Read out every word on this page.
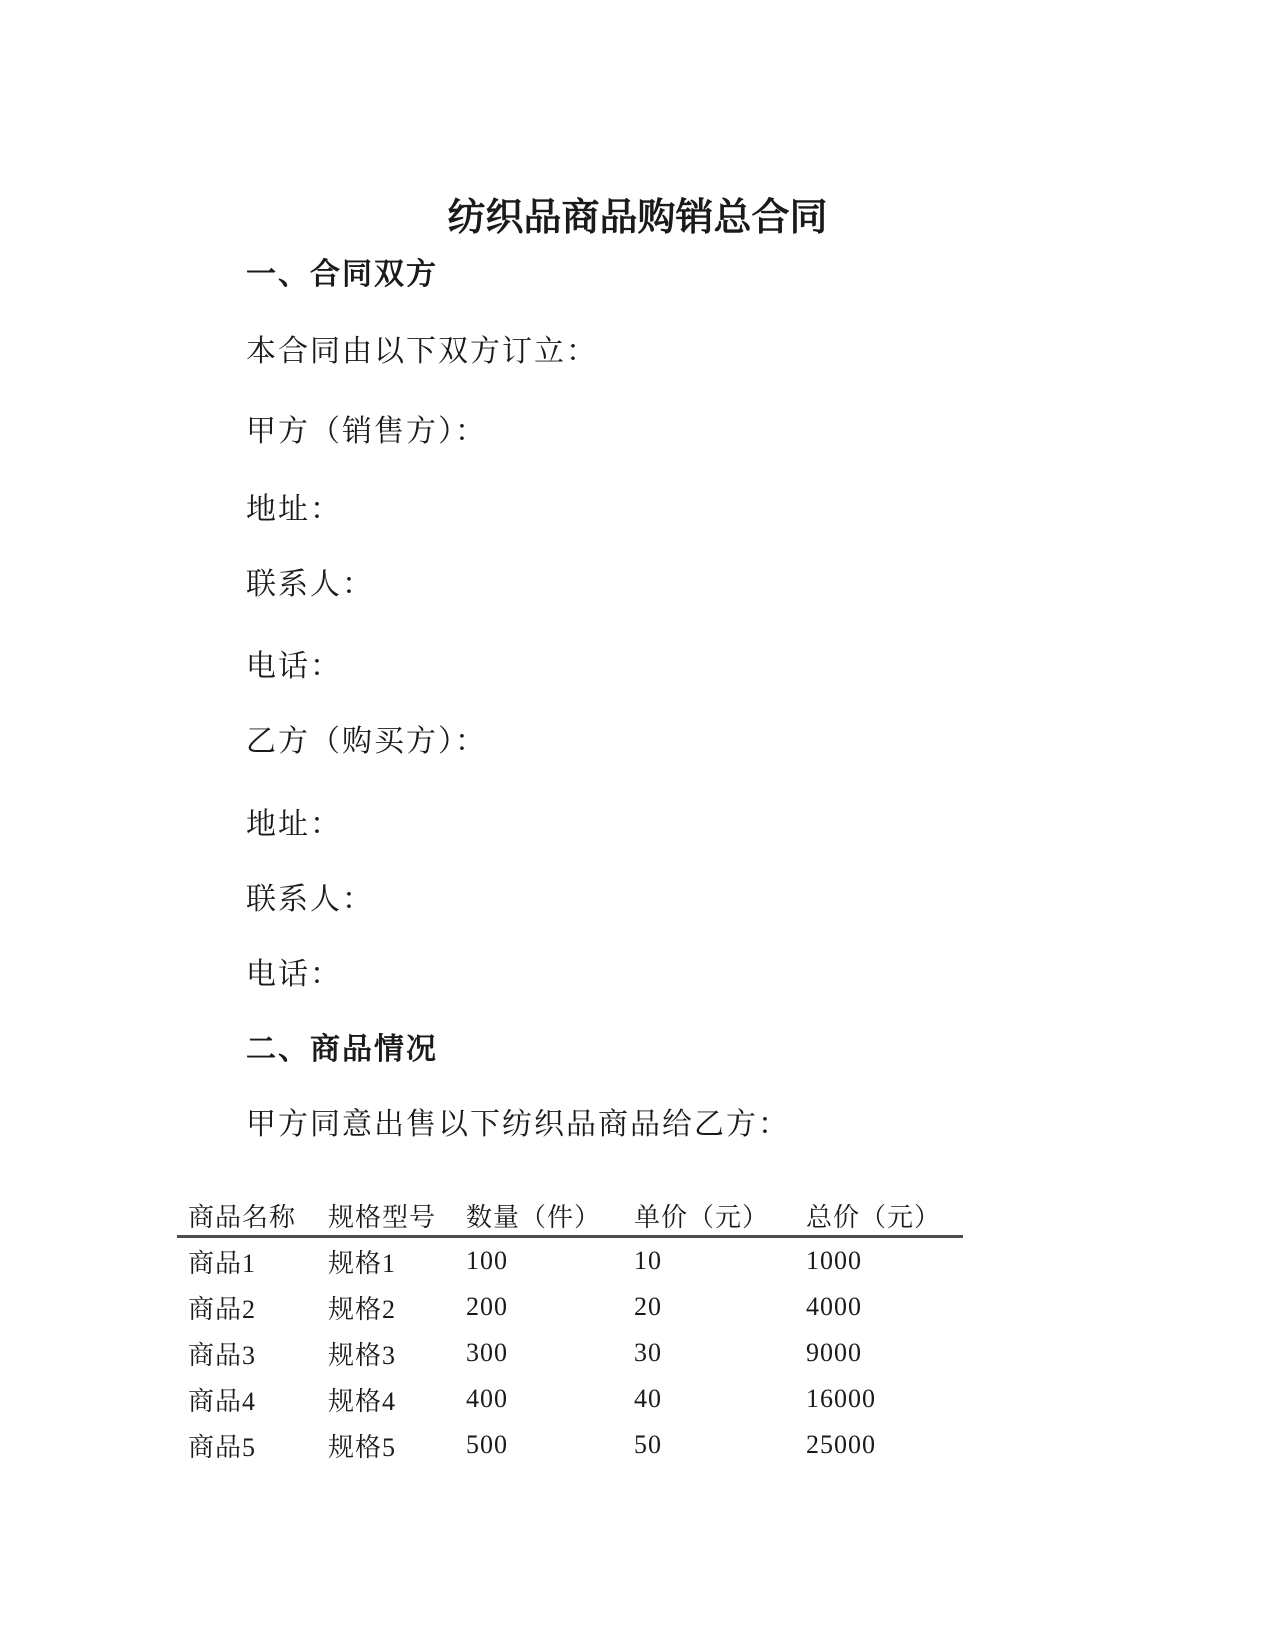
纺织品商品购销总合同
一、合同双方

本合同由以下双方订立：

甲方（销售方）：

地址：

联系人：

电话：

乙方（购买方）：

地址：

联系人：

电话：

二、商品情况

甲方同意出售以下纺织品商品给乙方：

商品名称	规格型号	数量（件）	单价（元）	总价（元）
商品1	规格1	100	10	1000
商品2	规格2	200	20	4000
商品3	规格3	300	30	9000
商品4	规格4	400	40	16000
商品5	规格5	500	50	25000
